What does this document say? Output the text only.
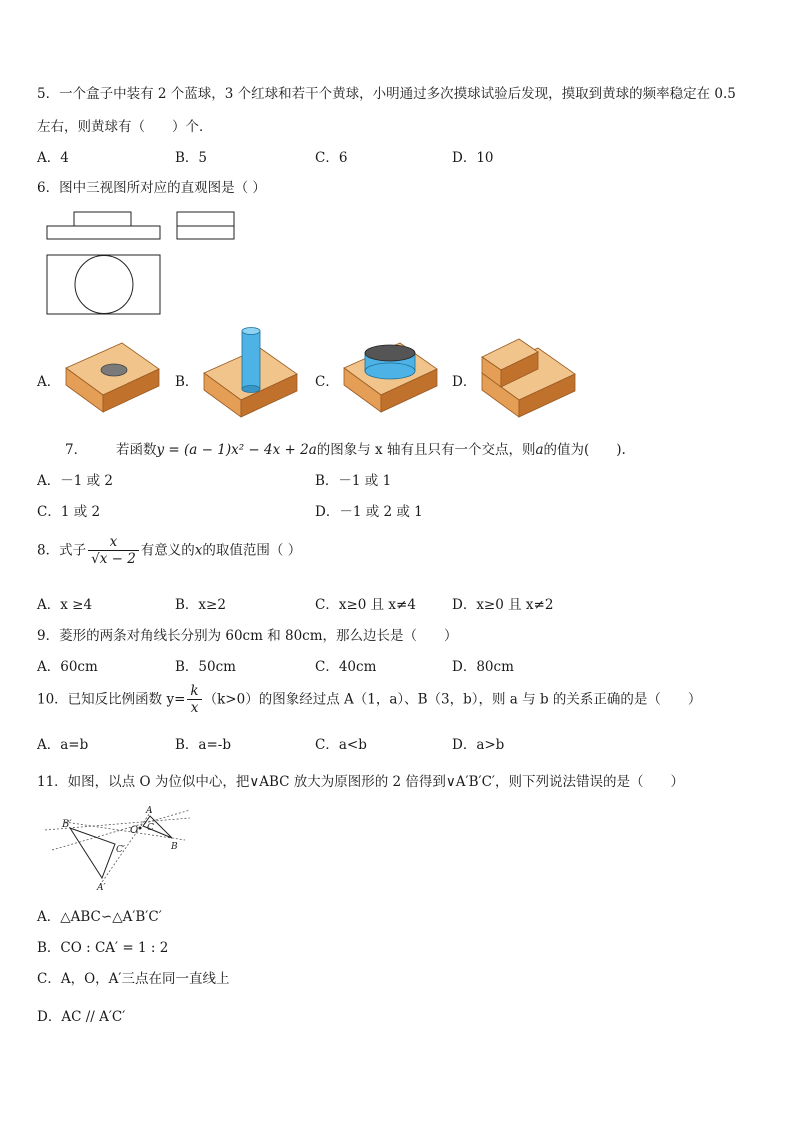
5．一个盒子中装有 2 个蓝球，3 个红球和若干个黄球，小明通过多次摸球试验后发现，摸取到黄球的频率稳定在 0.5
左右，则黄球有（　　）个．
A．4	B．5	C．6	D．10
6．图中三视图所对应的直观图是（ ）
A．	B．	C．	D．
7． 若函数y = (a − 1)x² − 4x + 2a的图象与 x 轴有且只有一个交点，则a的值为(　　).
A．－1 或 2	B．－1 或 1
C．1 或 2	D．－1 或 2 或 1
8．式子 $\frac{x}{√x - 2}$ 有意义的x的取值范围（ ）
A．x ≥4	B．x≥2	C．x≥0 且 x≠4	D．x≥0 且 x≠2
9．菱形的两条对角线长分别为 60cm 和 80cm，那么边长是（　　）
A．60cm	B．50cm	C．40cm	D．80cm
10．已知反比例函数 $y= \frac{k}{x} (k>0)$的图象经过点 A（1，a）、B（3，b），则 a 与 b 的关系正确的是（　　）
A．a=b	B．a=-b	C．a<b	D．a>b
11．如图，以点 O 为位似中心，把∨ABC 放大为原图形的 2 倍得到∨A′B′C′，则下列说法错误的是（　　）
B′
O C
A
B
C′
A′
A．△ABC∽△A′B′C′
B．CO : CA′ = 1 : 2
C．A，O，A′三点在同一直线上
D．AC // A′C′
